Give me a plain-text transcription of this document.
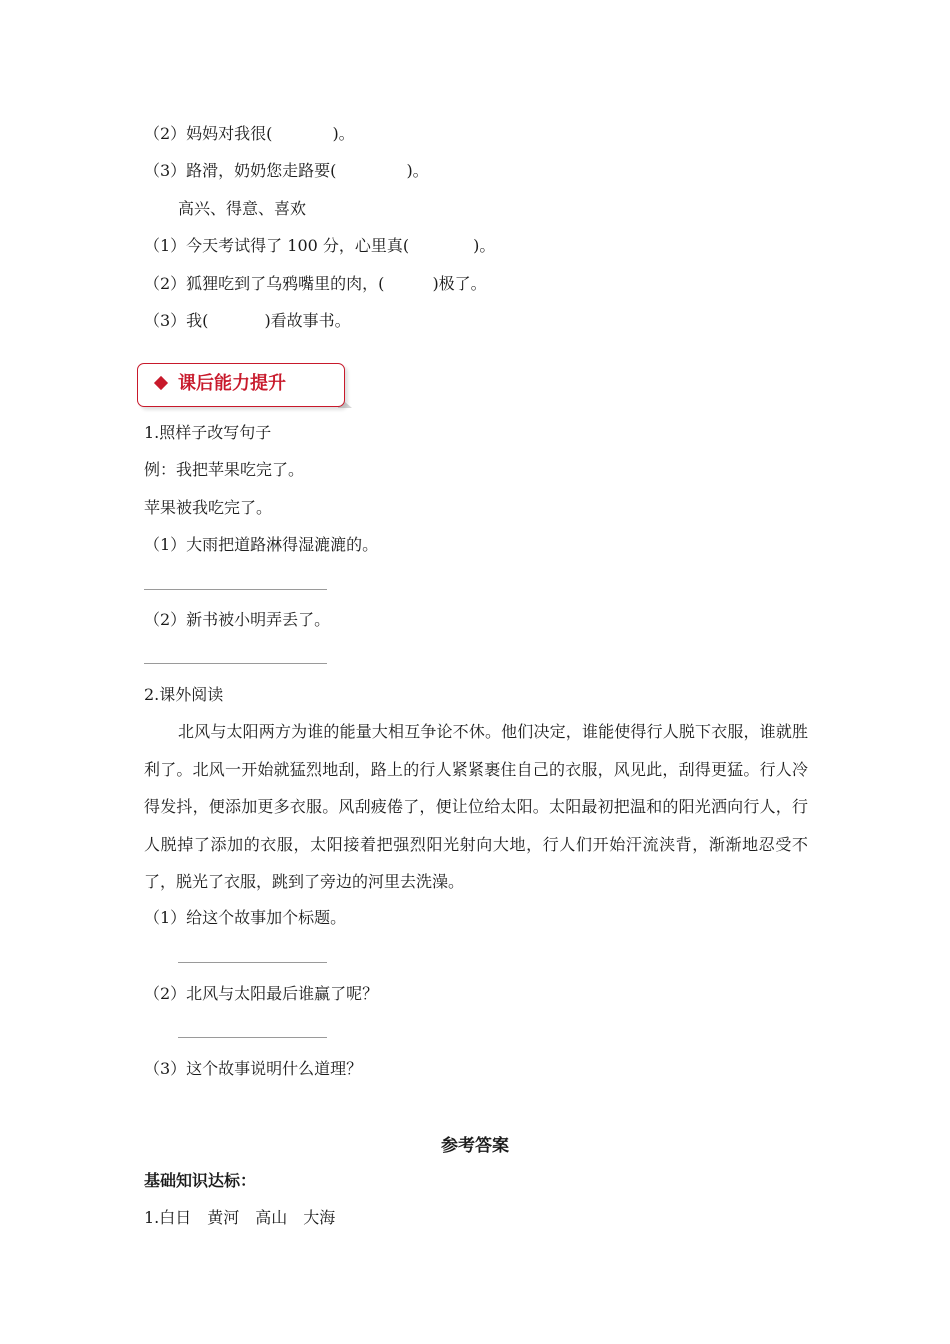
（2）妈妈对我很(	)。
（3）路滑，奶奶您走路要(	)。
高兴、得意、喜欢
（1）今天考试得了 100 分，心里真(	)。
（2）狐狸吃到了乌鸦嘴里的肉，(	)极了。
（3）我(	)看故事书。
课后能力提升
1.照样子改写句子
例：我把苹果吃完了。
苹果被我吃完了。
（1）大雨把道路淋得湿漉漉的。
（2）新书被小明弄丢了。
2.课外阅读
北风与太阳两方为谁的能量大相互争论不休。他们决定，谁能使得行人脱下衣服，谁就胜利了。北风一开始就猛烈地刮，路上的行人紧紧裹住自己的衣服，风见此，刮得更猛。行人冷得发抖，便添加更多衣服。风刮疲倦了，便让位给太阳。太阳最初把温和的阳光洒向行人，行人脱掉了添加的衣服，太阳接着把强烈阳光射向大地，行人们开始汗流浃背，渐渐地忍受不了，脱光了衣服，跳到了旁边的河里去洗澡。
（1）给这个故事加个标题。
（2）北风与太阳最后谁赢了呢？
（3）这个故事说明什么道理？
参考答案
基础知识达标：
1.白日　黄河　高山　大海
